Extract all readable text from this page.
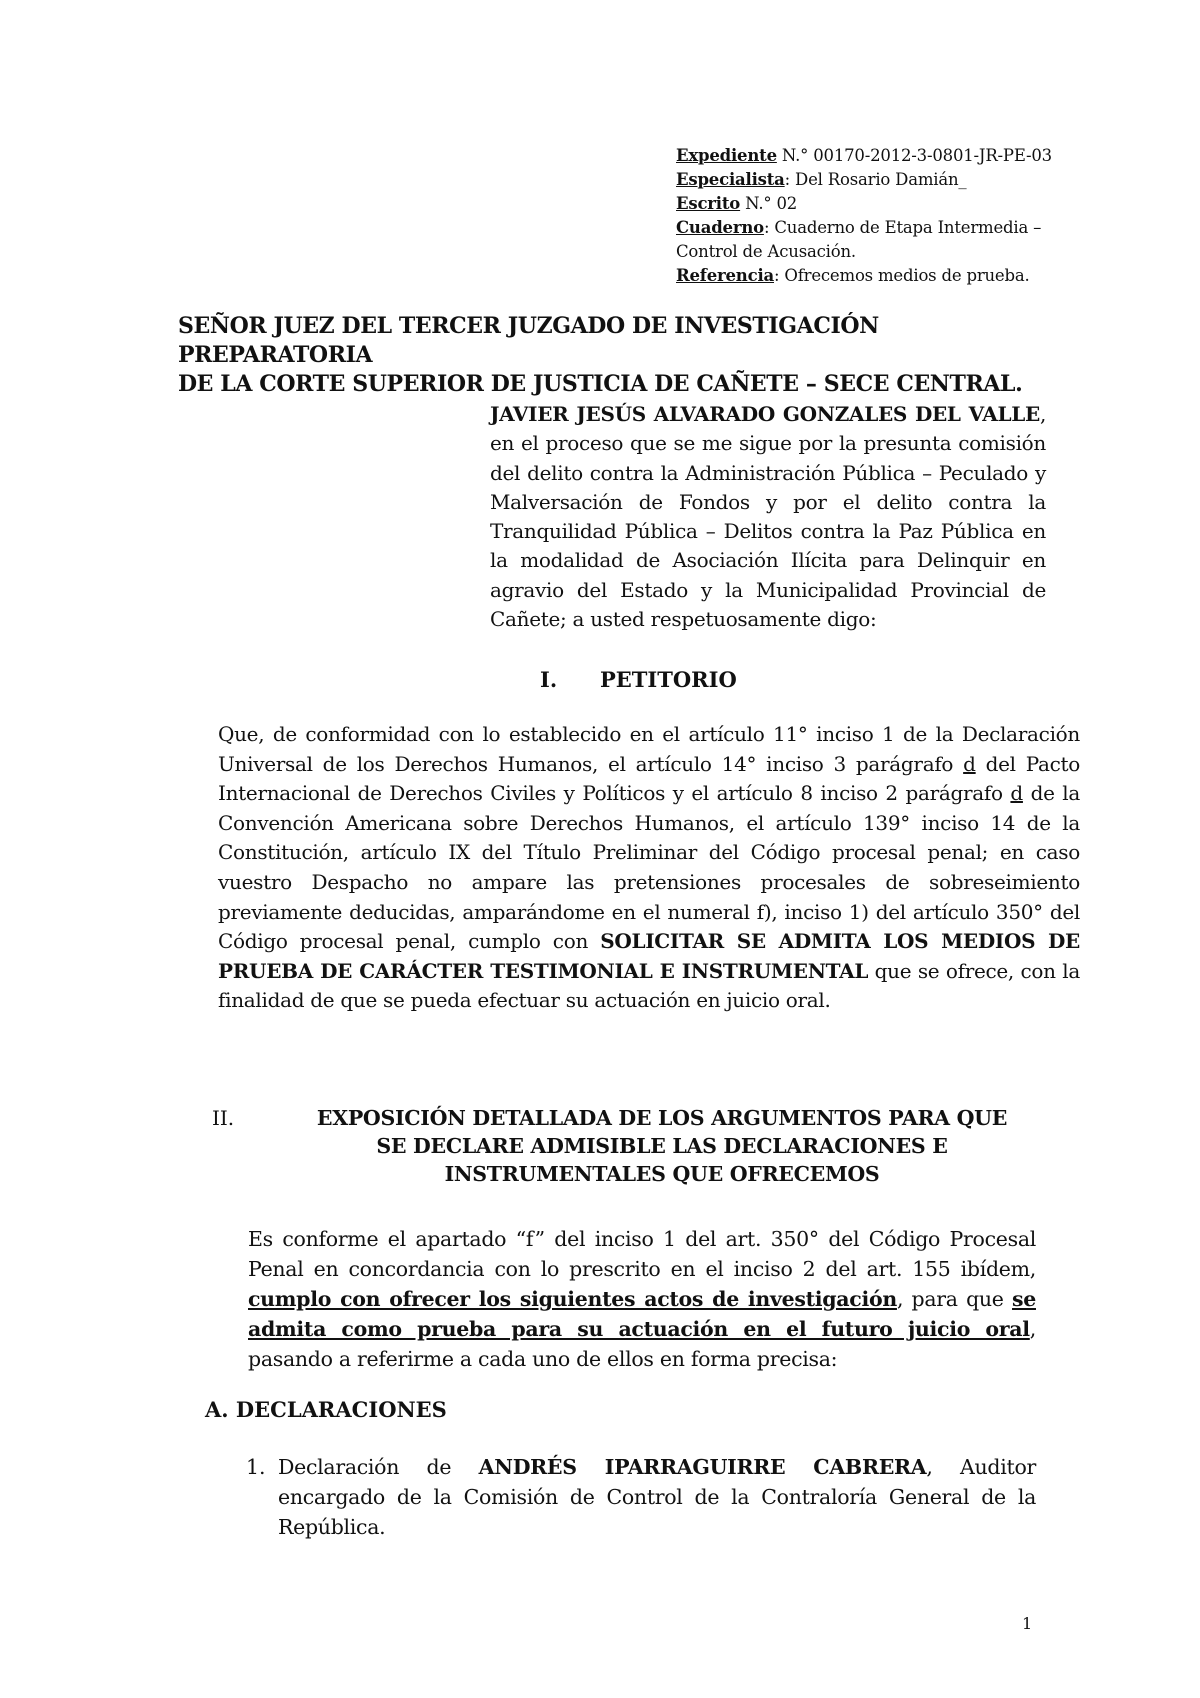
Expediente N.° 00170-2012-3-0801-JR-PE-03
Especialista: Del Rosario Damián_
Escrito N.° 02
Cuaderno: Cuaderno de Etapa Intermedia –
Control de Acusación.
Referencia: Ofrecemos medios de prueba.
SEÑOR JUEZ DEL TERCER JUZGADO DE INVESTIGACIÓN PREPARATORIA
DE LA CORTE SUPERIOR DE JUSTICIA DE CAÑETE – SECE CENTRAL.
JAVIER JESÚS ALVARADO GONZALES DEL VALLE, en el proceso que se me sigue por la presunta comisión del delito contra la Administración Pública – Peculado y Malversación de Fondos y por el delito contra la Tranquilidad Pública – Delitos contra la Paz Pública en la modalidad de Asociación Ilícita para Delinquir en agravio del Estado y la Municipalidad Provincial de Cañete; a usted respetuosamente digo:
I. PETITORIO
Que, de conformidad con lo establecido en el artículo 11° inciso 1 de la Declaración Universal de los Derechos Humanos, el artículo 14° inciso 3 parágrafo d del Pacto Internacional de Derechos Civiles y Políticos y el artículo 8 inciso 2 parágrafo d de la Convención Americana sobre Derechos Humanos, el artículo 139° inciso 14 de la Constitución, artículo IX del Título Preliminar del Código procesal penal; en caso vuestro Despacho no ampare las pretensiones procesales de sobreseimiento previamente deducidas, amparándome en el numeral f), inciso 1) del artículo 350° del Código procesal penal, cumplo con SOLICITAR SE ADMITA LOS MEDIOS DE PRUEBA DE CARÁCTER TESTIMONIAL E INSTRUMENTAL que se ofrece, con la finalidad de que se pueda efectuar su actuación en juicio oral.
II.	EXPOSICIÓN DETALLADA DE LOS ARGUMENTOS PARA QUE
SE DECLARE ADMISIBLE LAS DECLARACIONES E
INSTRUMENTALES QUE OFRECEMOS
Es conforme el apartado “f” del inciso 1 del art. 350° del Código Procesal Penal en concordancia con lo prescrito en el inciso 2 del art. 155 ibídem, cumplo con ofrecer los siguientes actos de investigación, para que se admita como prueba para su actuación en el futuro juicio oral, pasando a referirme a cada uno de ellos en forma precisa:
A. DECLARACIONES
1. Declaración de ANDRÉS IPARRAGUIRRE CABRERA, Auditor encargado de la Comisión de Control de la Contraloría General de la República.
1
